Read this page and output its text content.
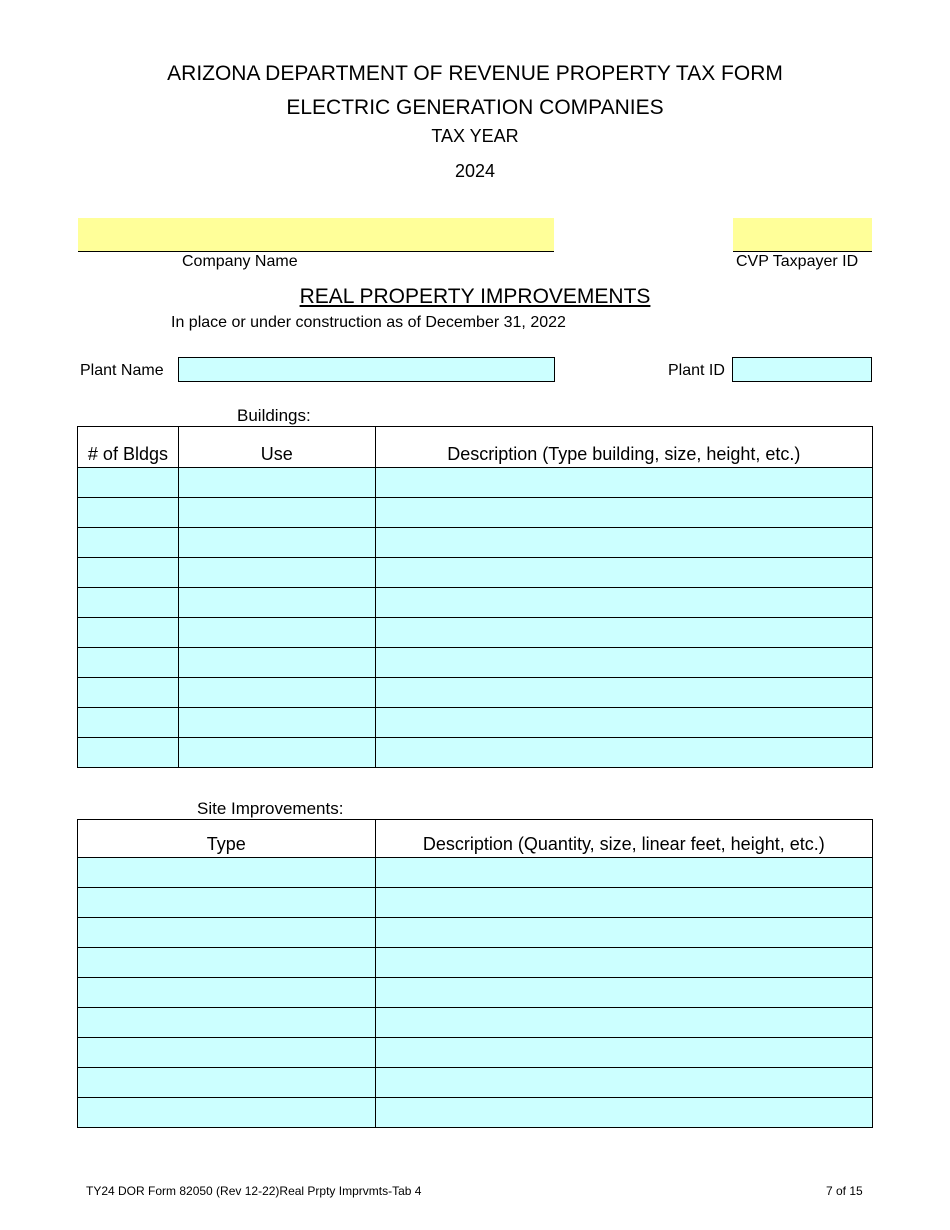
ARIZONA DEPARTMENT OF REVENUE PROPERTY TAX FORM
ELECTRIC GENERATION COMPANIES
TAX YEAR
2024
Company Name	CVP Taxpayer ID
REAL PROPERTY IMPROVEMENTS
In place or under construction as of December 31, 2022
Plant Name	Plant ID
Buildings:
# of Bldgs	Use	Description (Type building, size, height, etc.)

Site Improvements:
Type	Description (Quantity, size, linear feet, height, etc.)

TY24 DOR Form 82050 (Rev 12-22)Real Prpty Imprvmts-Tab 4	7 of 15
